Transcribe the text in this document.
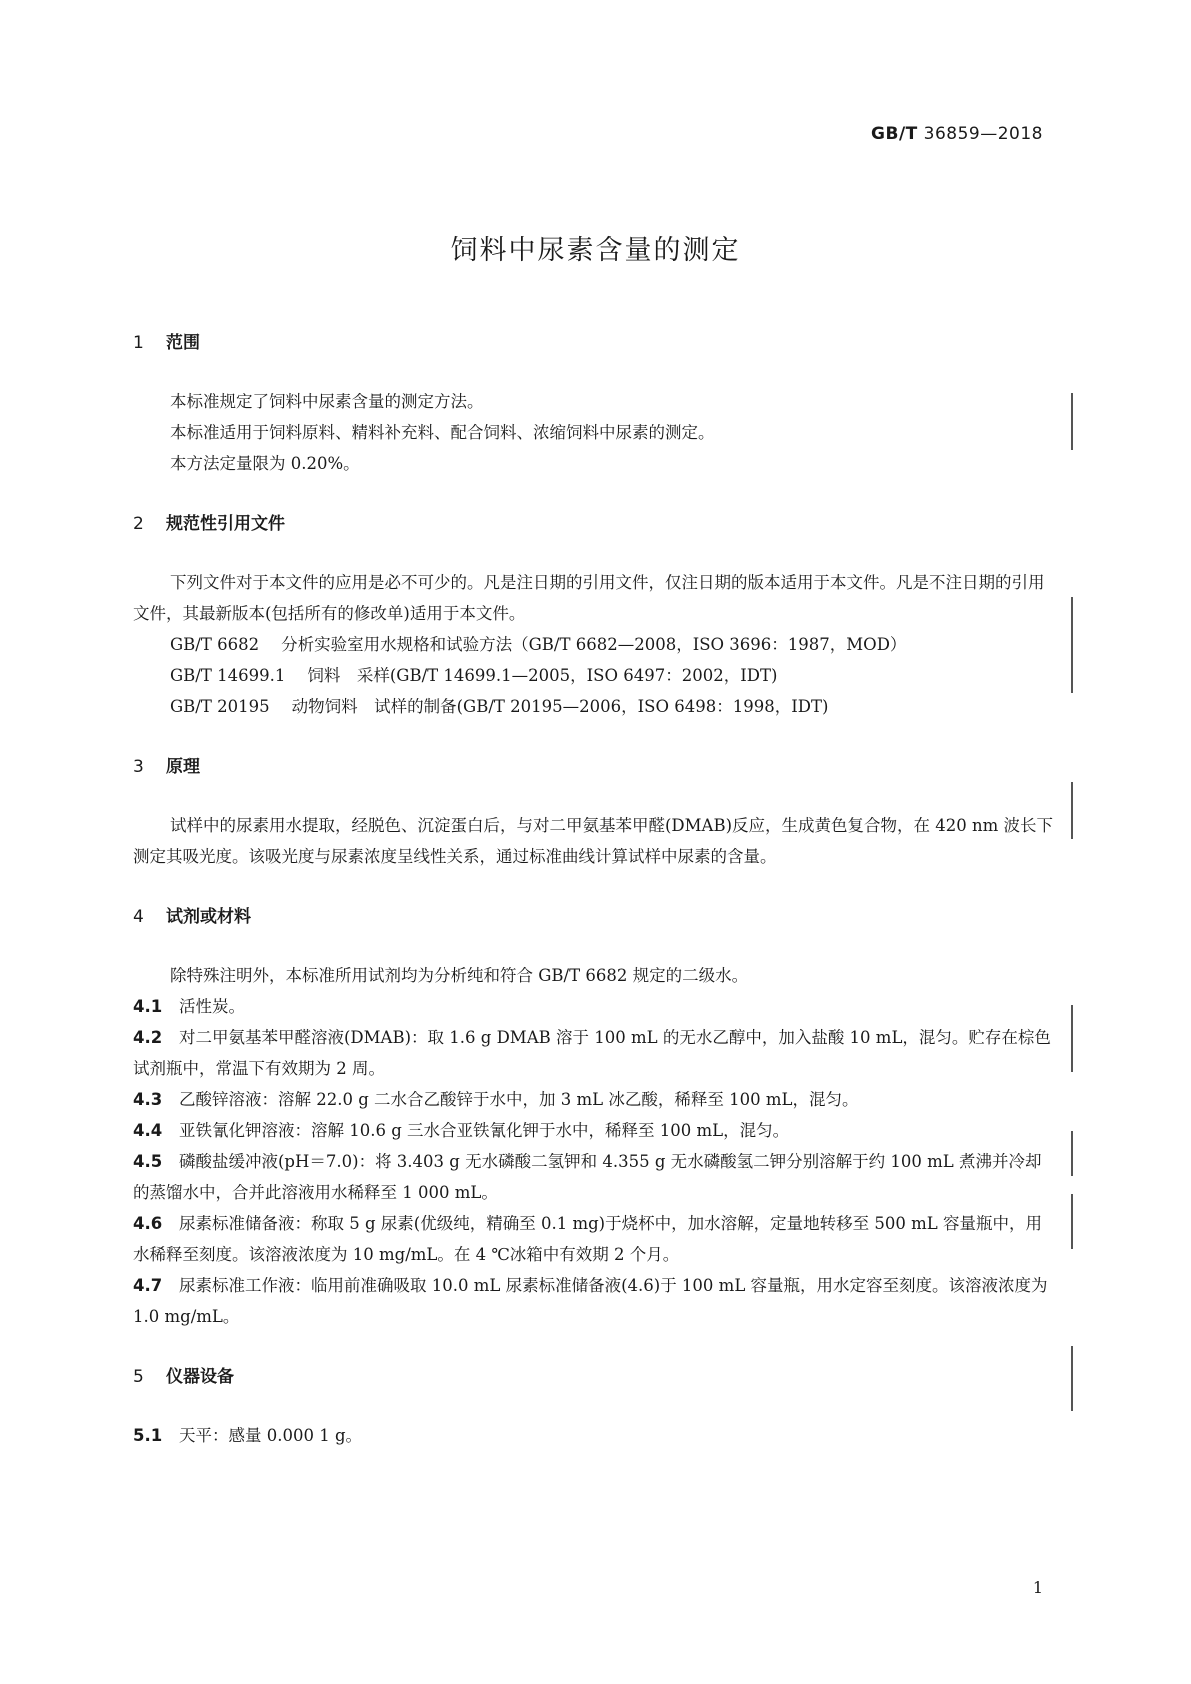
GB/T 36859—2018
饲料中尿素含量的测定
1 范围

本标准规定了饲料中尿素含量的测定方法。

本标准适用于饲料原料、精料补充料、配合饲料、浓缩饲料中尿素的测定。

本方法定量限为 0.20%。

2 规范性引用文件

下列文件对于本文件的应用是必不可少的。凡是注日期的引用文件，仅注日期的版本适用于本文件。凡是不注日期的引用文件，其最新版本(包括所有的修改单)适用于本文件。

GB/T 6682 分析实验室用水规格和试验方法（GB/T 6682—2008，ISO 3696：1987，MOD）
GB/T 14699.1 饲料　采样(GB/T 14699.1—2005，ISO 6497：2002，IDT)
GB/T 20195 动物饲料　试样的制备(GB/T 20195—2006，ISO 6498：1998，IDT)
3 原理

试样中的尿素用水提取，经脱色、沉淀蛋白后，与对二甲氨基苯甲醛(DMAB)反应，生成黄色复合物，在 420 nm 波长下测定其吸光度。该吸光度与尿素浓度呈线性关系，通过标准曲线计算试样中尿素的含量。

4 试剂或材料

除特殊注明外，本标准所用试剂均为分析纯和符合 GB/T 6682 规定的二级水。

4.1 活性炭。

4.2 对二甲氨基苯甲醛溶液(DMAB)：取 1.6 g DMAB 溶于 100 mL 的无水乙醇中，加入盐酸 10 mL，混匀。贮存在棕色试剂瓶中，常温下有效期为 2 周。

4.3 乙酸锌溶液：溶解 22.0 g 二水合乙酸锌于水中，加 3 mL 冰乙酸，稀释至 100 mL，混匀。

4.4 亚铁氰化钾溶液：溶解 10.6 g 三水合亚铁氰化钾于水中，稀释至 100 mL，混匀。

4.5 磷酸盐缓冲液(pH＝7.0)：将 3.403 g 无水磷酸二氢钾和 4.355 g 无水磷酸氢二钾分别溶解于约 100 mL 煮沸并冷却的蒸馏水中，合并此溶液用水稀释至 1 000 mL。

4.6 尿素标准储备液：称取 5 g 尿素(优级纯，精确至 0.1 mg)于烧杯中，加水溶解，定量地转移至 500 mL 容量瓶中，用水稀释至刻度。该溶液浓度为 10 mg/mL。在 4 ℃冰箱中有效期 2 个月。

4.7 尿素标准工作液：临用前准确吸取 10.0 mL 尿素标准储备液(4.6)于 100 mL 容量瓶，用水定容至刻度。该溶液浓度为 1.0 mg/mL。

5 仪器设备

5.1 天平：感量 0.000 1 g。

1
